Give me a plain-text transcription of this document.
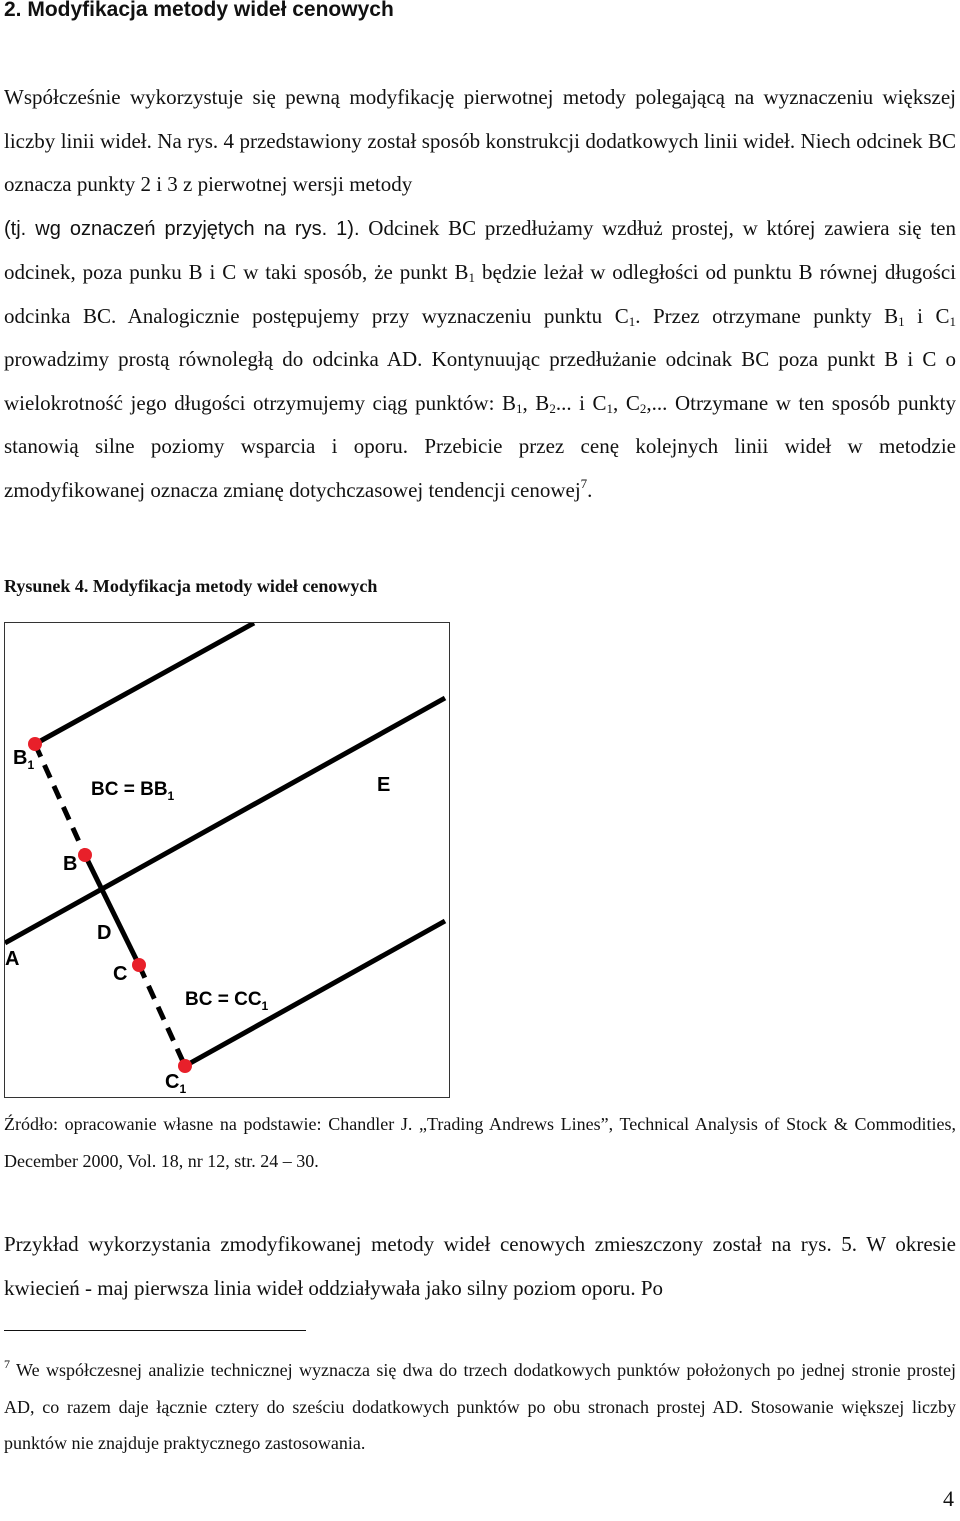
2. Modyfikacja metody wideł cenowych
Współcześnie wykorzystuje się pewną modyfikację pierwotnej metody polegającą na wyznaczeniu większej liczby linii wideł. Na rys. 4 przedstawiony został sposób konstrukcji dodatkowych linii wideł. Niech odcinek BC oznacza punkty 2 i 3 z pierwotnej wersji metody
(tj. wg oznaczeń przyjętych na rys. 1). Odcinek BC przedłużamy wzdłuż prostej, w której zawiera się ten odcinek, poza punku B i C w taki sposób, że punkt $B_1$ będzie leżał w odległości od punktu B równej długości odcinka BC. Analogicznie postępujemy przy wyznaczeniu punktu $C_1$. Przez otrzymane punkty $B_1$ i $C_1$ prowadzimy prostą równoległą do odcinka AD. Kontynuując przedłużanie odcinak BC poza punkt B i C o wielokrotność jego długości otrzymujemy ciąg punktów: $B_1$, $B_2$... i $C_1$, $C_2$,... Otrzymane w ten sposób punkty stanowią silne poziomy wsparcia i oporu. Przebicie przez cenę kolejnych linii wideł w metodzie zmodyfikowanej oznacza zmianę dotychczasowej tendencji cenowej$^7$.
Rysunek 4. Modyfikacja metody wideł cenowych
$B_1$
BC = $BB_1$	E
B
D
A
C
BC = $CC_1$
$C_1$
Źródło: opracowanie własne na podstawie: Chandler J. „Trading Andrews Lines”, Technical Analysis of Stock & Commodities, December 2000, Vol. 18, nr 12, str. 24 – 30.
Przykład wykorzystania zmodyfikowanej metody wideł cenowych zmieszczony został na rys. 5. W okresie kwiecień - maj pierwsza linia wideł oddziaływała jako silny poziom oporu. Po
$^7$ We współczesnej analizie technicznej wyznacza się dwa do trzech dodatkowych punktów położonych po jednej stronie prostej AD, co razem daje łącznie cztery do sześciu dodatkowych punktów po obu stronach prostej AD. Stosowanie większej liczby punktów nie znajduje praktycznego zastosowania.
4
